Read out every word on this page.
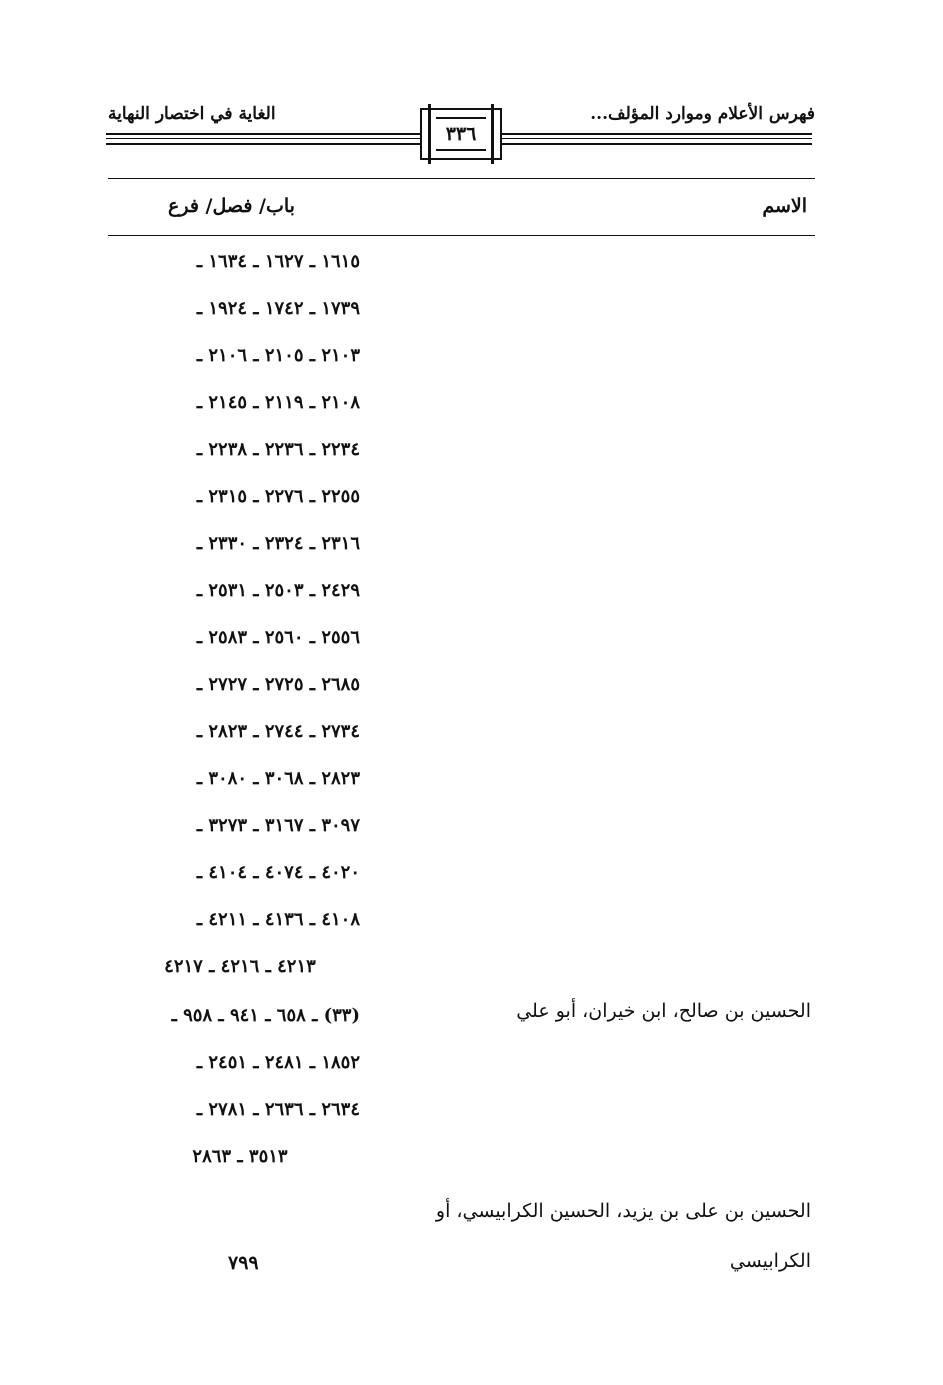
فهرس الأعلام وموارد المؤلف...
الغاية في اختصار النهاية
٣٣٦
الاسم
باب/ فصل/ فرع
١٦١٥ ـ ١٦٢٧ ـ ١٦٣٤ ـ
١٧٣٩ ـ ١٧٤٢ ـ ١٩٢٤ ـ
٢١٠٣ ـ ٢١٠٥ ـ ٢١٠٦ ـ
٢١٠٨ ـ ٢١١٩ ـ ٢١٤٥ ـ
٢٢٣٤ ـ ٢٢٣٦ ـ ٢٢٣٨ ـ
٢٢٥٥ ـ ٢٢٧٦ ـ ٢٣١٥ ـ
٢٣١٦ ـ ٢٣٢٤ ـ ٢٣٣٠ ـ
٢٤٢٩ ـ ٢٥٠٣ ـ ٢٥٣١ ـ
٢٥٥٦ ـ ٢٥٦٠ ـ ٢٥٨٣ ـ
٢٦٨٥ ـ ٢٧٢٥ ـ ٢٧٢٧ ـ
٢٧٣٤ ـ ٢٧٤٤ ـ ٢٨٢٣ ـ
٢٨٢٣ ـ ٣٠٦٨ ـ ٣٠٨٠ ـ
٣٠٩٧ ـ ٣١٦٧ ـ ٣٢٧٣ ـ
٤٠٢٠ ـ ٤٠٧٤ ـ ٤١٠٤ ـ
٤١٠٨ ـ ٤١٣٦ ـ ٤٢١١ ـ
٤٢١٣ ـ ٤٢١٦ ـ ٤٢١٧
الحسين بن صالح، ابن خيران، أبو علي
(٣٣) ـ ٦٥٨ ـ ٩٤١ ـ ٩٥٨ ـ
١٨٥٢ ـ ٢٤٨١ ـ ٢٤٥١ ـ
٢٦٣٤ ـ ٢٦٣٦ ـ ٢٧٨١ ـ
٣٥١٣ ـ ٢٨٦٣
الحسين بن على بن يزيد، الحسين الكرابيسي، أو
الكرابيسي
٧٩٩
